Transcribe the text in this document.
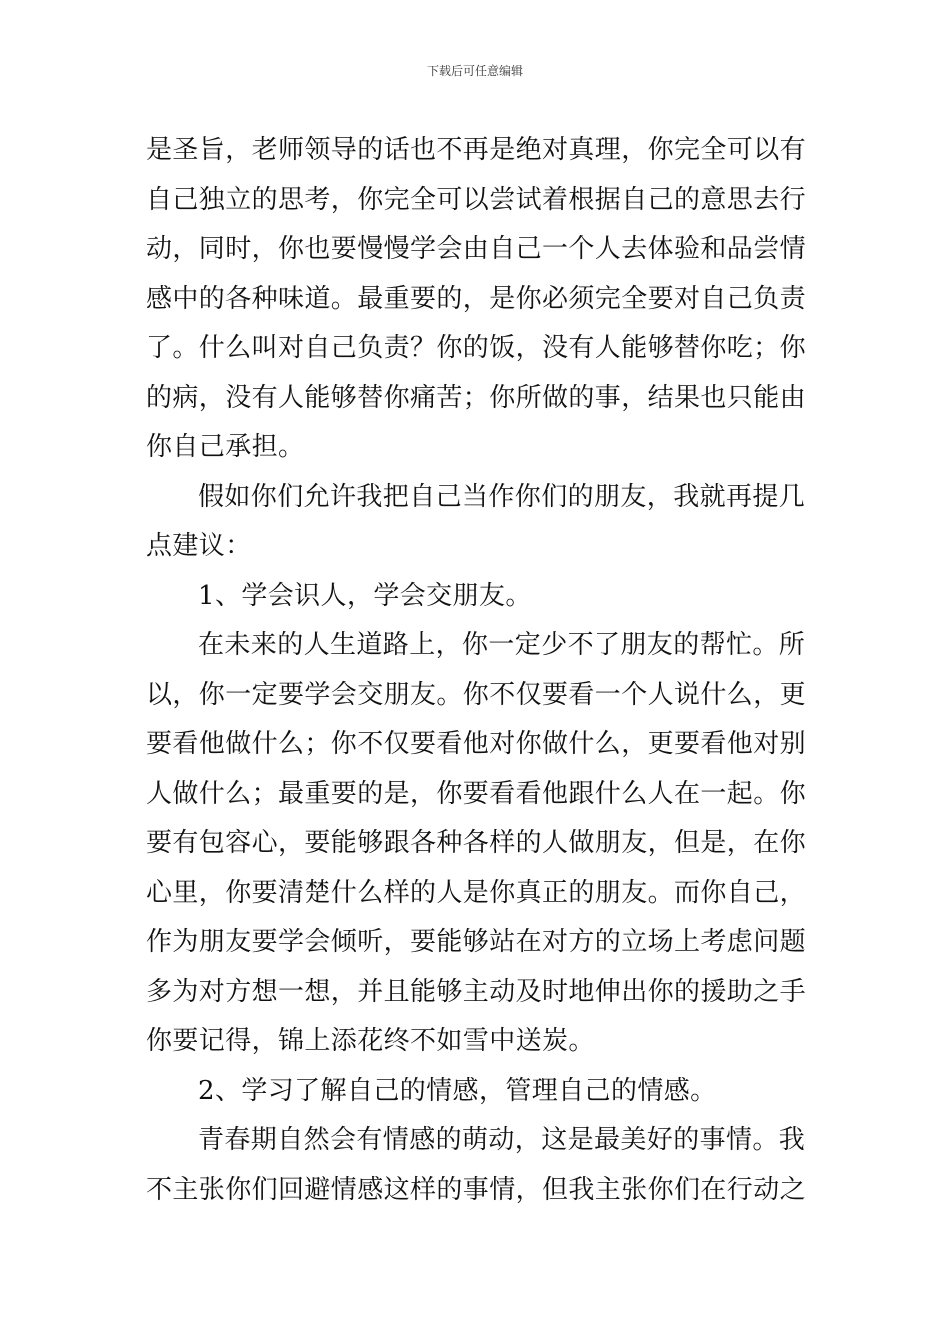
下载后可任意编辑
是圣旨，老师领导的话也不再是绝对真理，你完全可以有
自己独立的思考，你完全可以尝试着根据自己的意思去行
动，同时，你也要慢慢学会由自己一个人去体验和品尝情
感中的各种味道。最重要的，是你必须完全要对自己负责
了。什么叫对自己负责？你的饭，没有人能够替你吃；你
的病，没有人能够替你痛苦；你所做的事，结果也只能由
你自己承担。
假如你们允许我把自己当作你们的朋友，我就再提几
点建议：
1、学会识人，学会交朋友。
在未来的人生道路上，你一定少不了朋友的帮忙。所
以，你一定要学会交朋友。你不仅要看一个人说什么，更
要看他做什么；你不仅要看他对你做什么，更要看他对别
人做什么；最重要的是，你要看看他跟什么人在一起。你
要有包容心，要能够跟各种各样的人做朋友，但是，在你
心里，你要清楚什么样的人是你真正的朋友。而你自己，
作为朋友要学会倾听，要能够站在对方的立场上考虑问题
多为对方想一想，并且能够主动及时地伸出你的援助之手
你要记得，锦上添花终不如雪中送炭。
2、学习了解自己的情感，管理自己的情感。
青春期自然会有情感的萌动，这是最美好的事情。我
不主张你们回避情感这样的事情，但我主张你们在行动之
